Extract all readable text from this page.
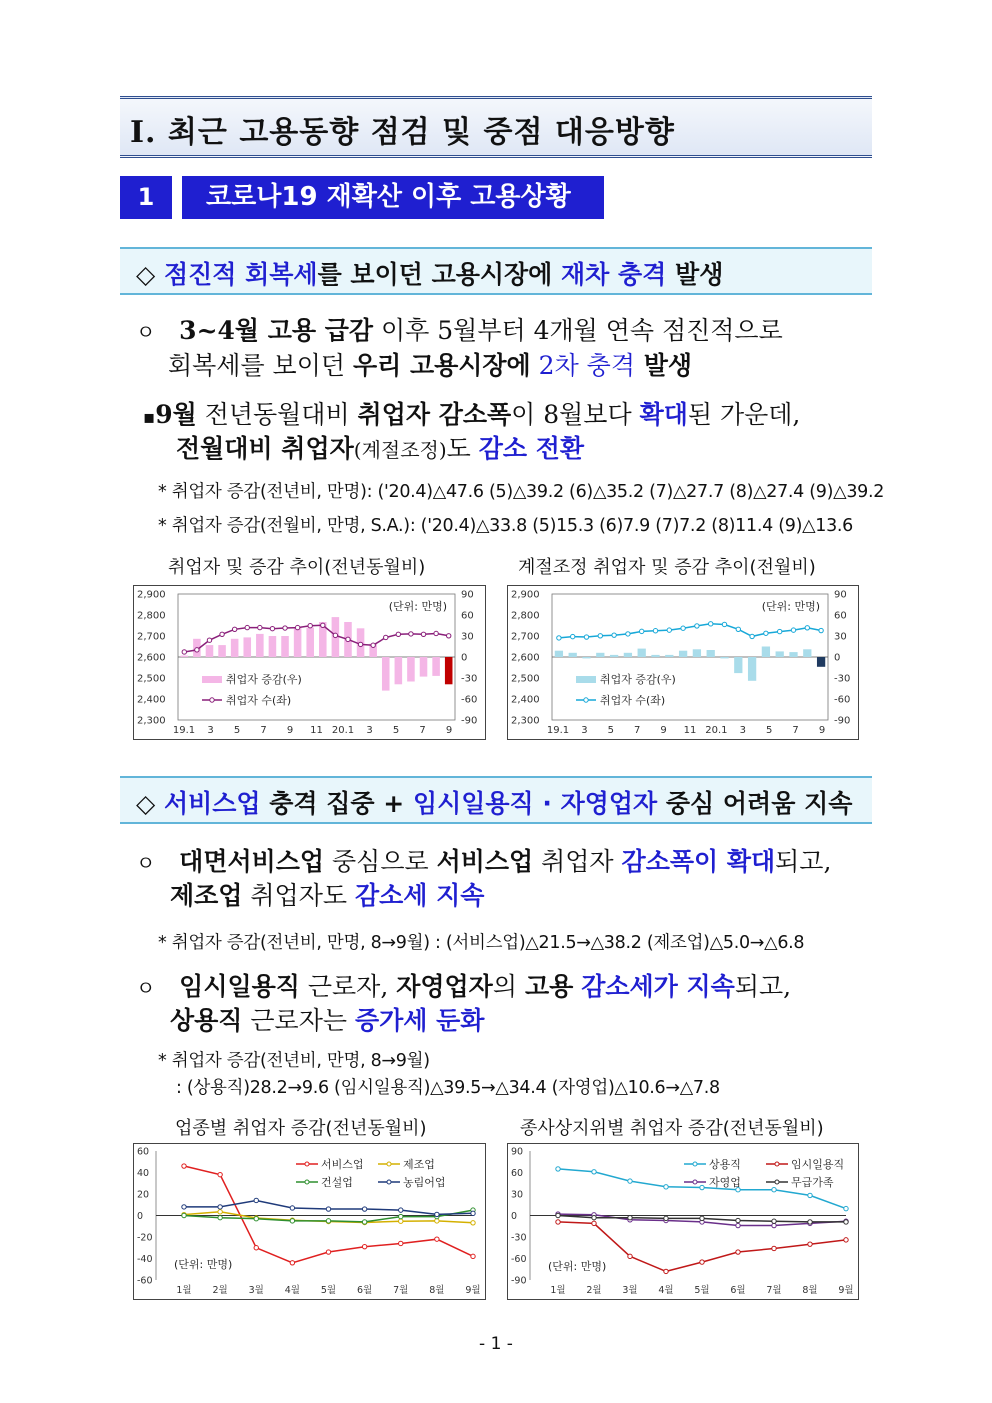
Ⅰ. 최근 고용동향 점검 및 중점 대응방향
1	코로나19 재확산 이후 고용상황
◇ 점진적 회복세를 보이던 고용시장에 재차 충격 발생
ㅇ 3~4월 고용 급감 이후 5월부터 4개월 연속 점진적으로
회복세를 보이던 우리 고용시장에 2차 충격 발생
▪9월 전년동월대비 취업자 감소폭이 8월보다 확대된 가운데,
전월대비 취업자(계절조정)도 감소 전환
* 취업자 증감(전년비, 만명): ('20.4)△47.6 (5)△39.2 (6)△35.2 (7)△27.7 (8)△27.4 (9)△39.2
* 취업자 증감(전월비, 만명, S.A.): ('20.4)△33.8 (5)15.3 (6)7.9 (7)7.2 (8)11.4 (9)△13.6
취업자 및 증감 추이(전년동월비)	계절조정 취업자 및 증감 추이(전월비)
2,900
2,800
2,700
2,600
2,500
2,400
2,300
90
60
30
0
-30
-60
-90
19.1 3 5 7 9 11 20.1 3 5 7 9
(단위: 만명)
취업자 증감(우)
취업자 수(좌)
2,900
2,800
2,700
2,600
2,500
2,400
2,300
90
60
30
0
-30
-60
-90
19.1 3 5 7 9 11 20.1 3 5 7 9
(단위: 만명)
취업자 증감(우)
취업자 수(좌)
◇ 서비스업 충격 집중 + 임시일용직 · 자영업자 중심 어려움 지속
ㅇ 대면서비스업 중심으로 서비스업 취업자 감소폭이 확대되고,
제조업 취업자도 감소세 지속
* 취업자 증감(전년비, 만명, 8→9월) : (서비스업)△21.5→△38.2 (제조업)△5.0→△6.8
ㅇ 임시일용직 근로자, 자영업자의 고용 감소세가 지속되고,
상용직 근로자는 증가세 둔화
* 취업자 증감(전년비, 만명, 8→9월)
: (상용직)28.2→9.6 (임시일용직)△39.5→△34.4 (자영업)△10.6→△7.8
업종별 취업자 증감(전년동월비)	종사상지위별 취업자 증감(전년동월비)
60
40
20
0
-20
-40
-60
1월 2월 3월 4월 5월 6월 7월 8월 9월
서비스업	제조업
건설업	농림어업
(단위: 만명)
90
60
30
0
-30
-60
-90
1월 2월 3월 4월 5월 6월 7월 8월 9월
상용직	임시일용직
자영업	무급가족
(단위: 만명)
- 1 -
